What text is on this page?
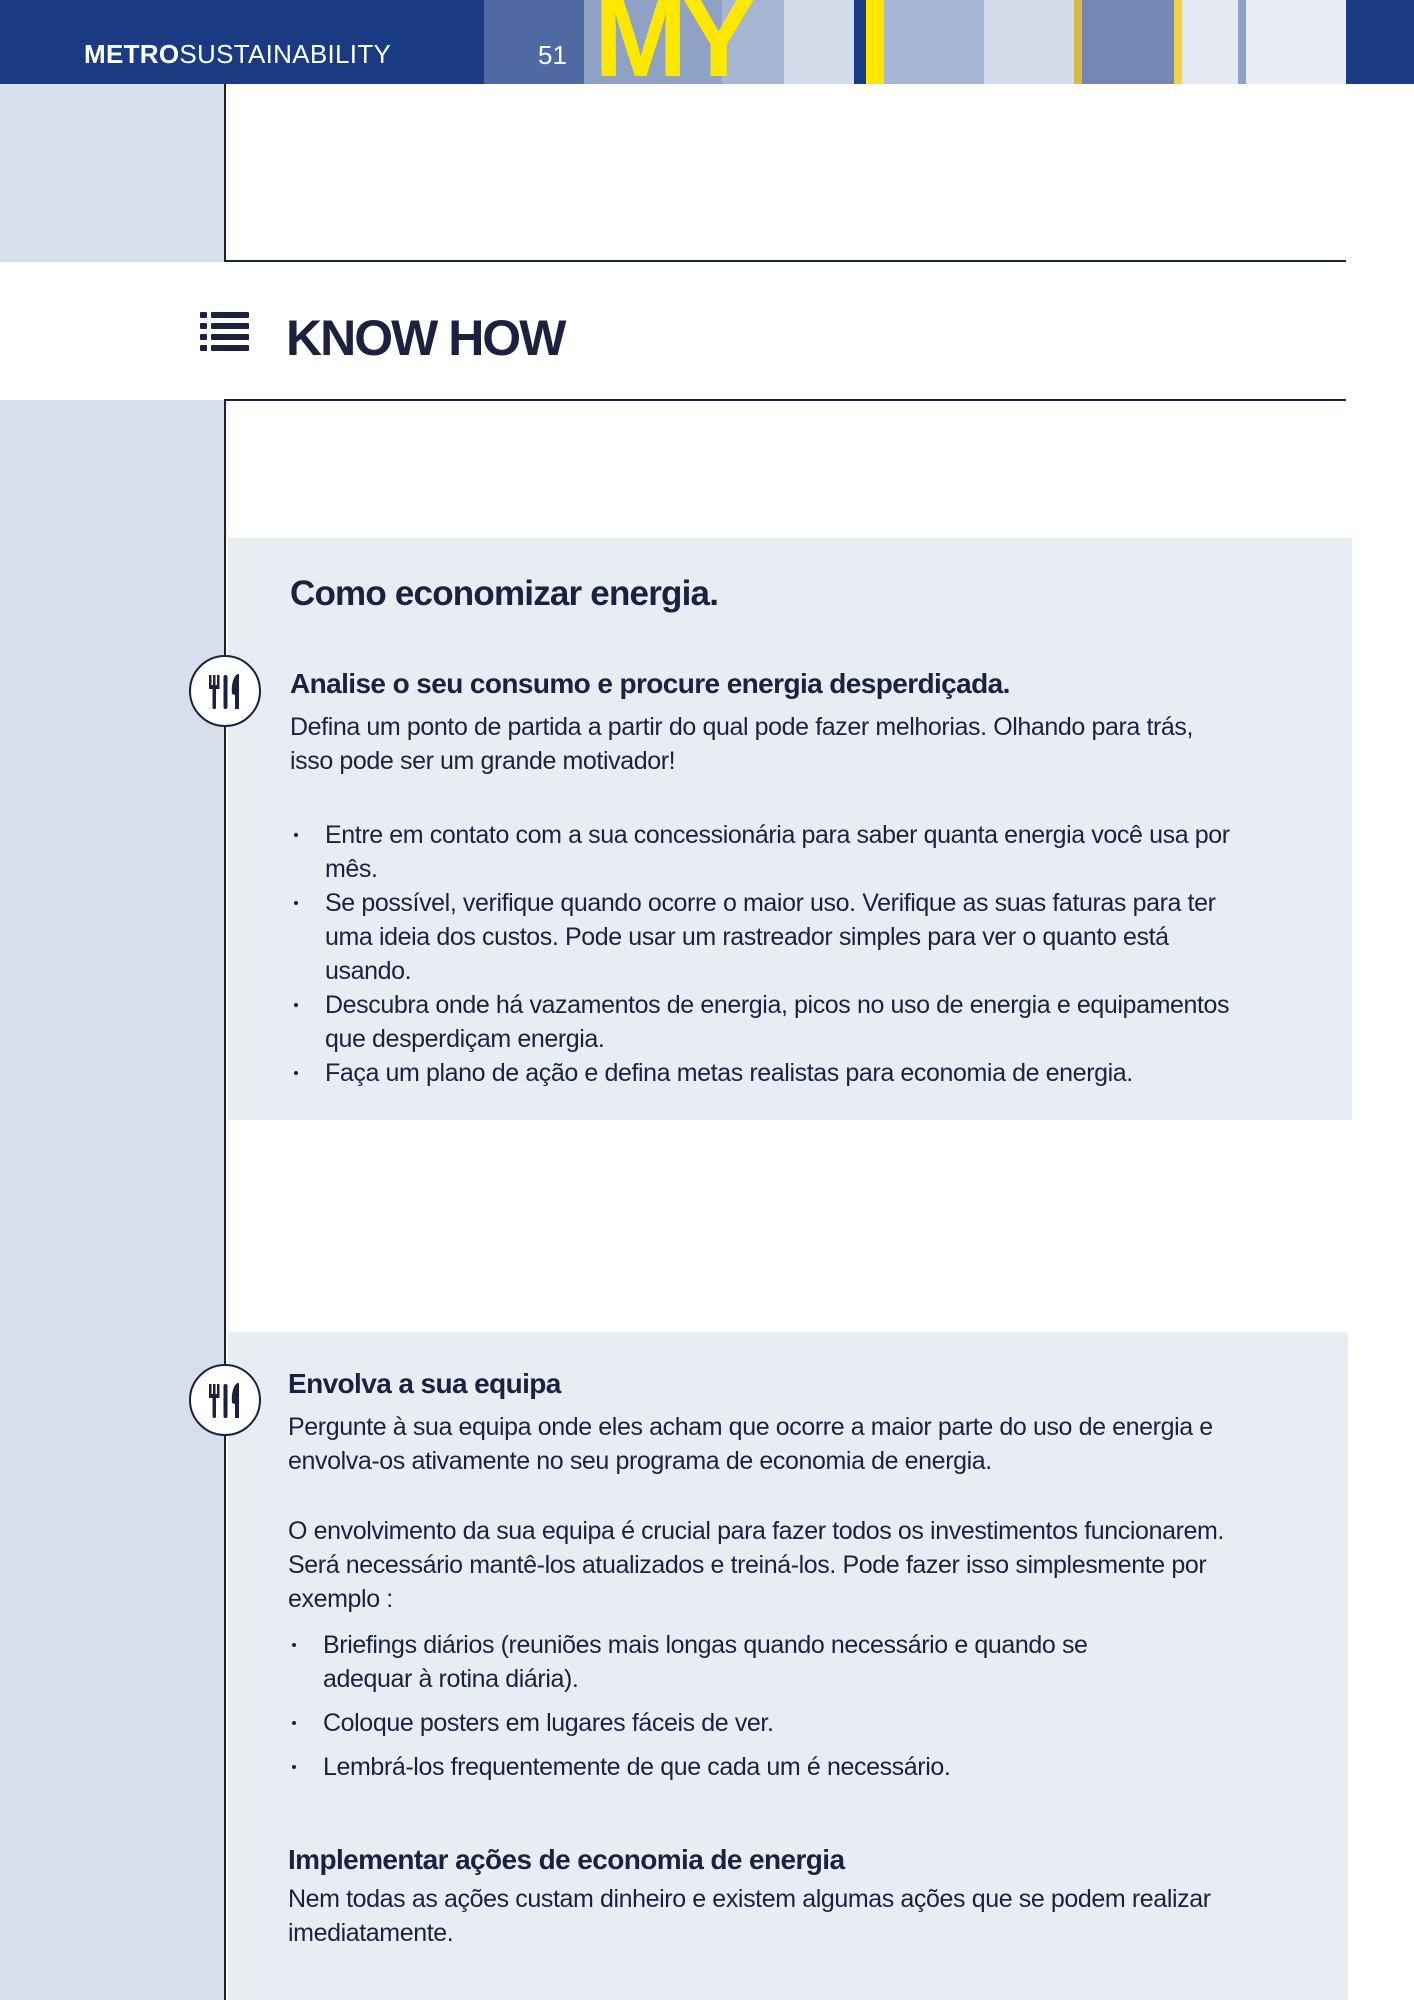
METROSUSTAINABILITY	51 MY
KNOW HOW
Como economizar energia.
Analise o seu consumo e procure energia desperdiçada.
Defina um ponto de partida a partir do qual pode fazer melhorias. Olhando para trás,
isso pode ser um grande motivador!
Entre em contato com a sua concessionária para saber quanta energia você usa por
mês.
Se possível, verifique quando ocorre o maior uso. Verifique as suas faturas para ter
uma ideia dos custos. Pode usar um rastreador simples para ver o quanto está
usando.
Descubra onde há vazamentos de energia, picos no uso de energia e equipamentos
que desperdiçam energia.
Faça um plano de ação e defina metas realistas para economia de energia.
Envolva a sua equipa
Pergunte à sua equipa onde eles acham que ocorre a maior parte do uso de energia e
envolva-os ativamente no seu programa de economia de energia.
O envolvimento da sua equipa é crucial para fazer todos os investimentos funcionarem.
Será necessário mantê-los atualizados e treiná-los. Pode fazer isso simplesmente por
exemplo :
Briefings diários (reuniões mais longas quando necessário e quando se
adequar à rotina diária).
Coloque posters em lugares fáceis de ver.
Lembrá-los frequentemente de que cada um é necessário.
Implementar ações de economia de energia
Nem todas as ações custam dinheiro e existem algumas ações que se podem realizar
imediatamente.
